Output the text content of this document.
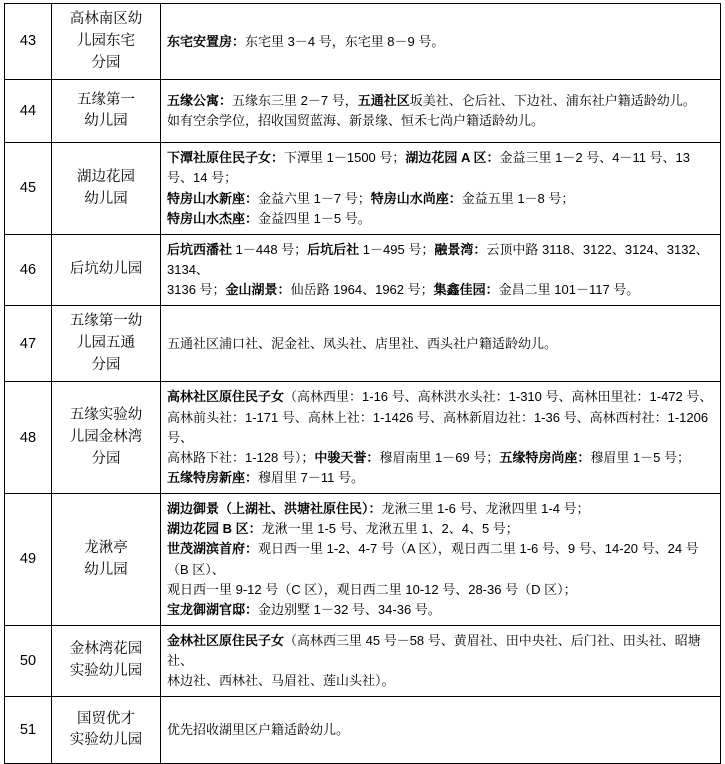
43	高林南区幼
儿园东宅
分园	东宅安置房：东宅里 3－4 号，东宅里 8－9 号。

44	五缘第一
幼儿园	五缘公寓：五缘东三里 2－7 号，五通社区坂美社、仑后社、下边社、浦东社户籍适龄幼儿。
如有空余学位，招收国贸蓝海、新景缘、恒禾七尚户籍适龄幼儿。

45	湖边花园
幼儿园	下潭社原住民子女：下潭里 1－1500 号；湖边花园 A 区：金益三里 1－2 号、4－11 号、13 号、14 号；
特房山水新座：金益六里 1－7 号；特房山水尚座：金益五里 1－8 号；
特房山水杰座：金益四里 1－5 号。

46	后坑幼儿园	后坑西潘社 1－448 号；后坑后社 1－495 号；融景湾：云顶中路 3118、3122、3124、3132、3134、
3136 号；金山湖景：仙岳路 1964、1962 号；集鑫佳园：金昌二里 101－117 号。

47	五缘第一幼
儿园五通
分园	五通社区浦口社、泥金社、凤头社、店里社、西头社户籍适龄幼儿。

48	五缘实验幼
儿园金林湾
分园	高林社区原住民子女（高林西里：1-16 号、高林洪水头社：1-310 号、高林田里社：1-472 号、
高林前头社：1-171 号、高林上社：1-1426 号、高林新眉边社：1-36 号、高林西村社：1-1206 号、
高林路下社：1-128 号）；中骏天誉：穆眉南里 1－69 号；五缘特房尚座：穆眉里 1－5 号；
五缘特房新座：穆眉里 7－11 号。

49	龙湫亭
幼儿园	湖边御景（上湖社、洪塘社原住民）：龙湫三里 1-6 号、龙湫四里 1-4 号；
湖边花园 B 区：龙湫一里 1-5 号、龙湫五里 1、2、4、5 号；
世茂湖滨首府：观日西一里 1-2、4-7 号（A 区），观日西二里 1-6 号、9 号、14-20 号、24 号（B 区）、
观日西一里 9-12 号（C 区），观日西二里 10-12 号、28-36 号（D 区）；
宝龙御湖官邸：金边别墅 1－32 号、34-36 号。

50	金林湾花园
实验幼儿园	金林社区原住民子女（高林西三里 45 号－58 号、黄眉社、田中央社、后门社、田头社、昭塘社、
林边社、西林社、马眉社、莲山头社）。

51	国贸优才
实验幼儿园	优先招收湖里区户籍适龄幼儿。
